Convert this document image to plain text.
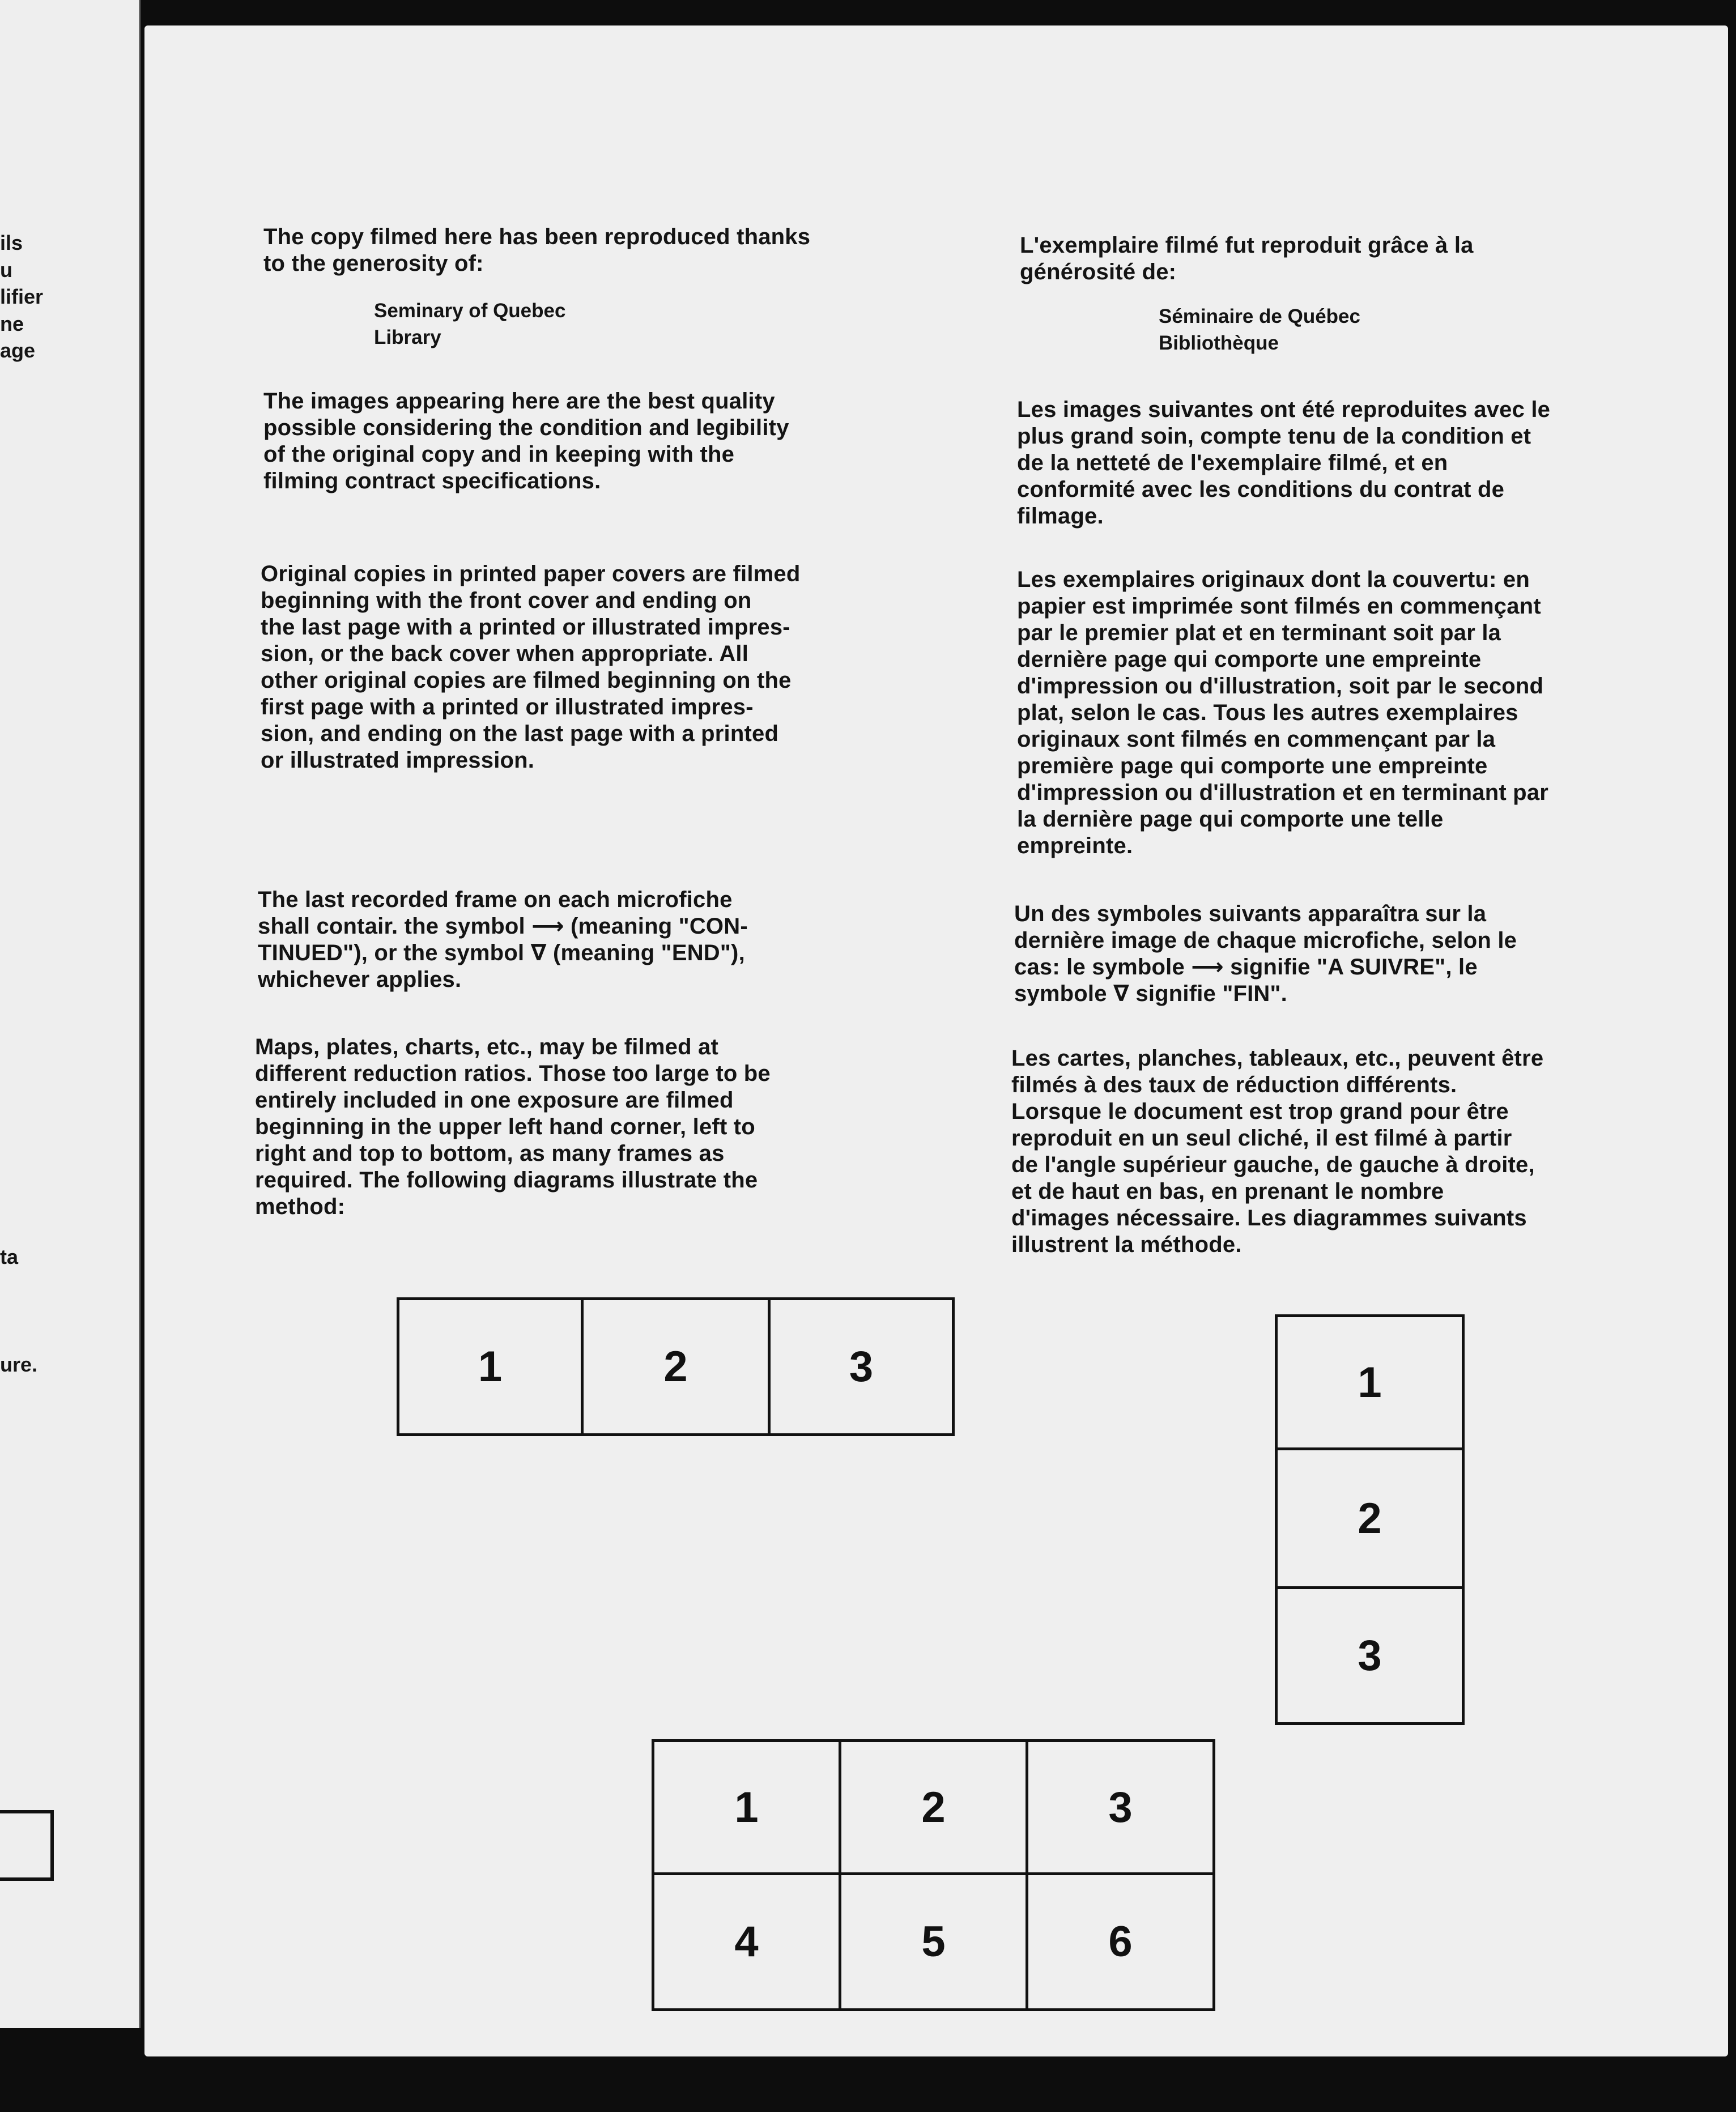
ils
u
lifier
ne
age
ta
ure.

The copy filmed here has been reproduced thanks
to the generosity of:

Seminary of Quebec
Library

The images appearing here are the best quality
possible considering the condition and legibility
of the original copy and in keeping with the
filming contract specifications.

Original copies in printed paper covers are filmed
beginning with the front cover and ending on
the last page with a printed or illustrated impres-
sion, or the back cover when appropriate. All
other original copies are filmed beginning on the
first page with a printed or illustrated impres-
sion, and ending on the last page with a printed
or illustrated impression.

The last recorded frame on each microfiche
shall contair. the symbol ⟶ (meaning "CON-
TINUED"), or the symbol ∇ (meaning "END"),
whichever applies.

Maps, plates, charts, etc., may be filmed at
different reduction ratios. Those too large to be
entirely included in one exposure are filmed
beginning in the upper left hand corner, left to
right and top to bottom, as many frames as
required. The following diagrams illustrate the
method:

L'exemplaire filmé fut reproduit grâce à la
générosité de:

Séminaire de Québec
Bibliothèque

Les images suivantes ont été reproduites avec le
plus grand soin, compte tenu de la condition et
de la netteté de l'exemplaire filmé, et en
conformité avec les conditions du contrat de
filmage.

Les exemplaires originaux dont la couvertu: en
papier est imprimée sont filmés en commençant
par le premier plat et en terminant soit par la
dernière page qui comporte une empreinte
d'impression ou d'illustration, soit par le second
plat, selon le cas. Tous les autres exemplaires
originaux sont filmés en commençant par la
première page qui comporte une empreinte
d'impression ou d'illustration et en terminant par
la dernière page qui comporte une telle
empreinte.

Un des symboles suivants apparaîtra sur la
dernière image de chaque microfiche, selon le
cas: le symbole ⟶ signifie "A SUIVRE", le
symbole ∇ signifie "FIN".

Les cartes, planches, tableaux, etc., peuvent être
filmés à des taux de réduction différents.
Lorsque le document est trop grand pour être
reproduit en un seul cliché, il est filmé à partir
de l'angle supérieur gauche, de gauche à droite,
et de haut en bas, en prenant le nombre
d'images nécessaire. Les diagrammes suivants
illustrent la méthode.

1	2	3	1
2
3
1	2	3
4	5	6
